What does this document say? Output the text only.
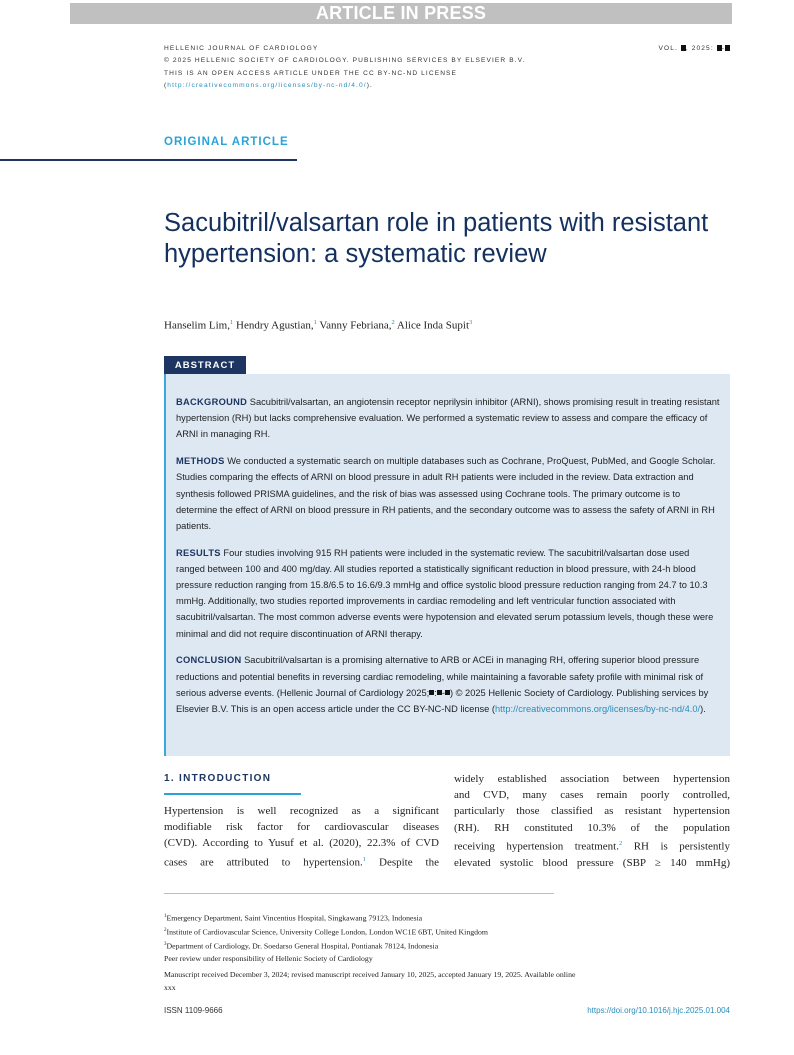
ARTICLE IN PRESS
HELLENIC JOURNAL OF CARDIOLOGY
© 2025 HELLENIC SOCIETY OF CARDIOLOGY. PUBLISHING SERVICES BY ELSEVIER B.V.
THIS IS AN OPEN ACCESS ARTICLE UNDER THE CC BY-NC-ND LICENSE
(http://creativecommons.org/licenses/by-nc-nd/4.0/).
VOL. , 2025: -
ORIGINAL ARTICLE
Sacubitril/valsartan role in patients with resistant hypertension: a systematic review
Hanselim Lim,$^1$ Hendry Agustian,$^1$ Vanny Febriana,$^2$ Alice Inda Supit$^3$
ABSTRACT

BACKGROUND Sacubitril/valsartan, an angiotensin receptor neprilysin inhibitor (ARNI), shows promising result in treating resistant hypertension (RH) but lacks comprehensive evaluation. We performed a systematic review to assess and compare the efficacy of ARNI in managing RH.

METHODS We conducted a systematic search on multiple databases such as Cochrane, ProQuest, PubMed, and Google Scholar. Studies comparing the effects of ARNI on blood pressure in adult RH patients were included in the review. Data extraction and synthesis followed PRISMA guidelines, and the risk of bias was assessed using Cochrane tools. The primary outcome is to determine the effect of ARNI on blood pressure in RH patients, and the secondary outcome was to assess the safety of ARNI in RH patients.

RESULTS Four studies involving 915 RH patients were included in the systematic review. The sacubitril/valsartan dose used ranged between 100 and 400 mg/day. All studies reported a statistically significant reduction in blood pressure, with 24-h blood pressure reduction ranging from 15.8/6.5 to 16.6/9.3 mmHg and office systolic blood pressure reduction ranging from 24.7 to 10.3 mmHg. Additionally, two studies reported improvements in cardiac remodeling and left ventricular function associated with sacubitril/valsartan. The most common adverse events were hypotension and elevated serum potassium levels, though these were minimal and did not require discontinuation of ARNI therapy.

CONCLUSION Sacubitril/valsartan is a promising alternative to ARB or ACEi in managing RH, offering superior blood pressure reductions and potential benefits in reversing cardiac remodeling, while maintaining a favorable safety profile with minimal risk of serious adverse events. (Hellenic Journal of Cardiology 2025; : - ) © 2025 Hellenic Society of Cardiology. Publishing services by Elsevier B.V. This is an open access article under the CC BY-NC-ND license (http://creativecommons.org/licenses/by-nc-nd/4.0/).

1. INTRODUCTION
Hypertension is well recognized as a significant
modifiable risk factor for cardiovascular diseases
(CVD). According to Yusuf et al. (2020), 22.3% of CVD
cases are attributed to hypertension.$^1$ Despite the
widely established association between hypertension
and CVD, many cases remain poorly controlled,
particularly those classified as resistant hypertension
(RH). RH constituted 10.3% of the population
receiving hypertension treatment.$^2$ RH is persistently
elevated systolic blood pressure (SBP ≥ 140 mmHg)
$^1$Emergency Department, Saint Vincentius Hospital, Singkawang 79123, Indonesia
$^2$Institute of Cardiovascular Science, University College London, London WC1E 6BT, United Kingdom
$^3$Department of Cardiology, Dr. Soedarso General Hospital, Pontianak 78124, Indonesia
Peer review under responsibility of Hellenic Society of Cardiology
Manuscript received December 3, 2024; revised manuscript received January 10, 2025, accepted January 19, 2025. Available online
xxx
ISSN 1109-9666	https://doi.org/10.1016/j.hjc.2025.01.004
